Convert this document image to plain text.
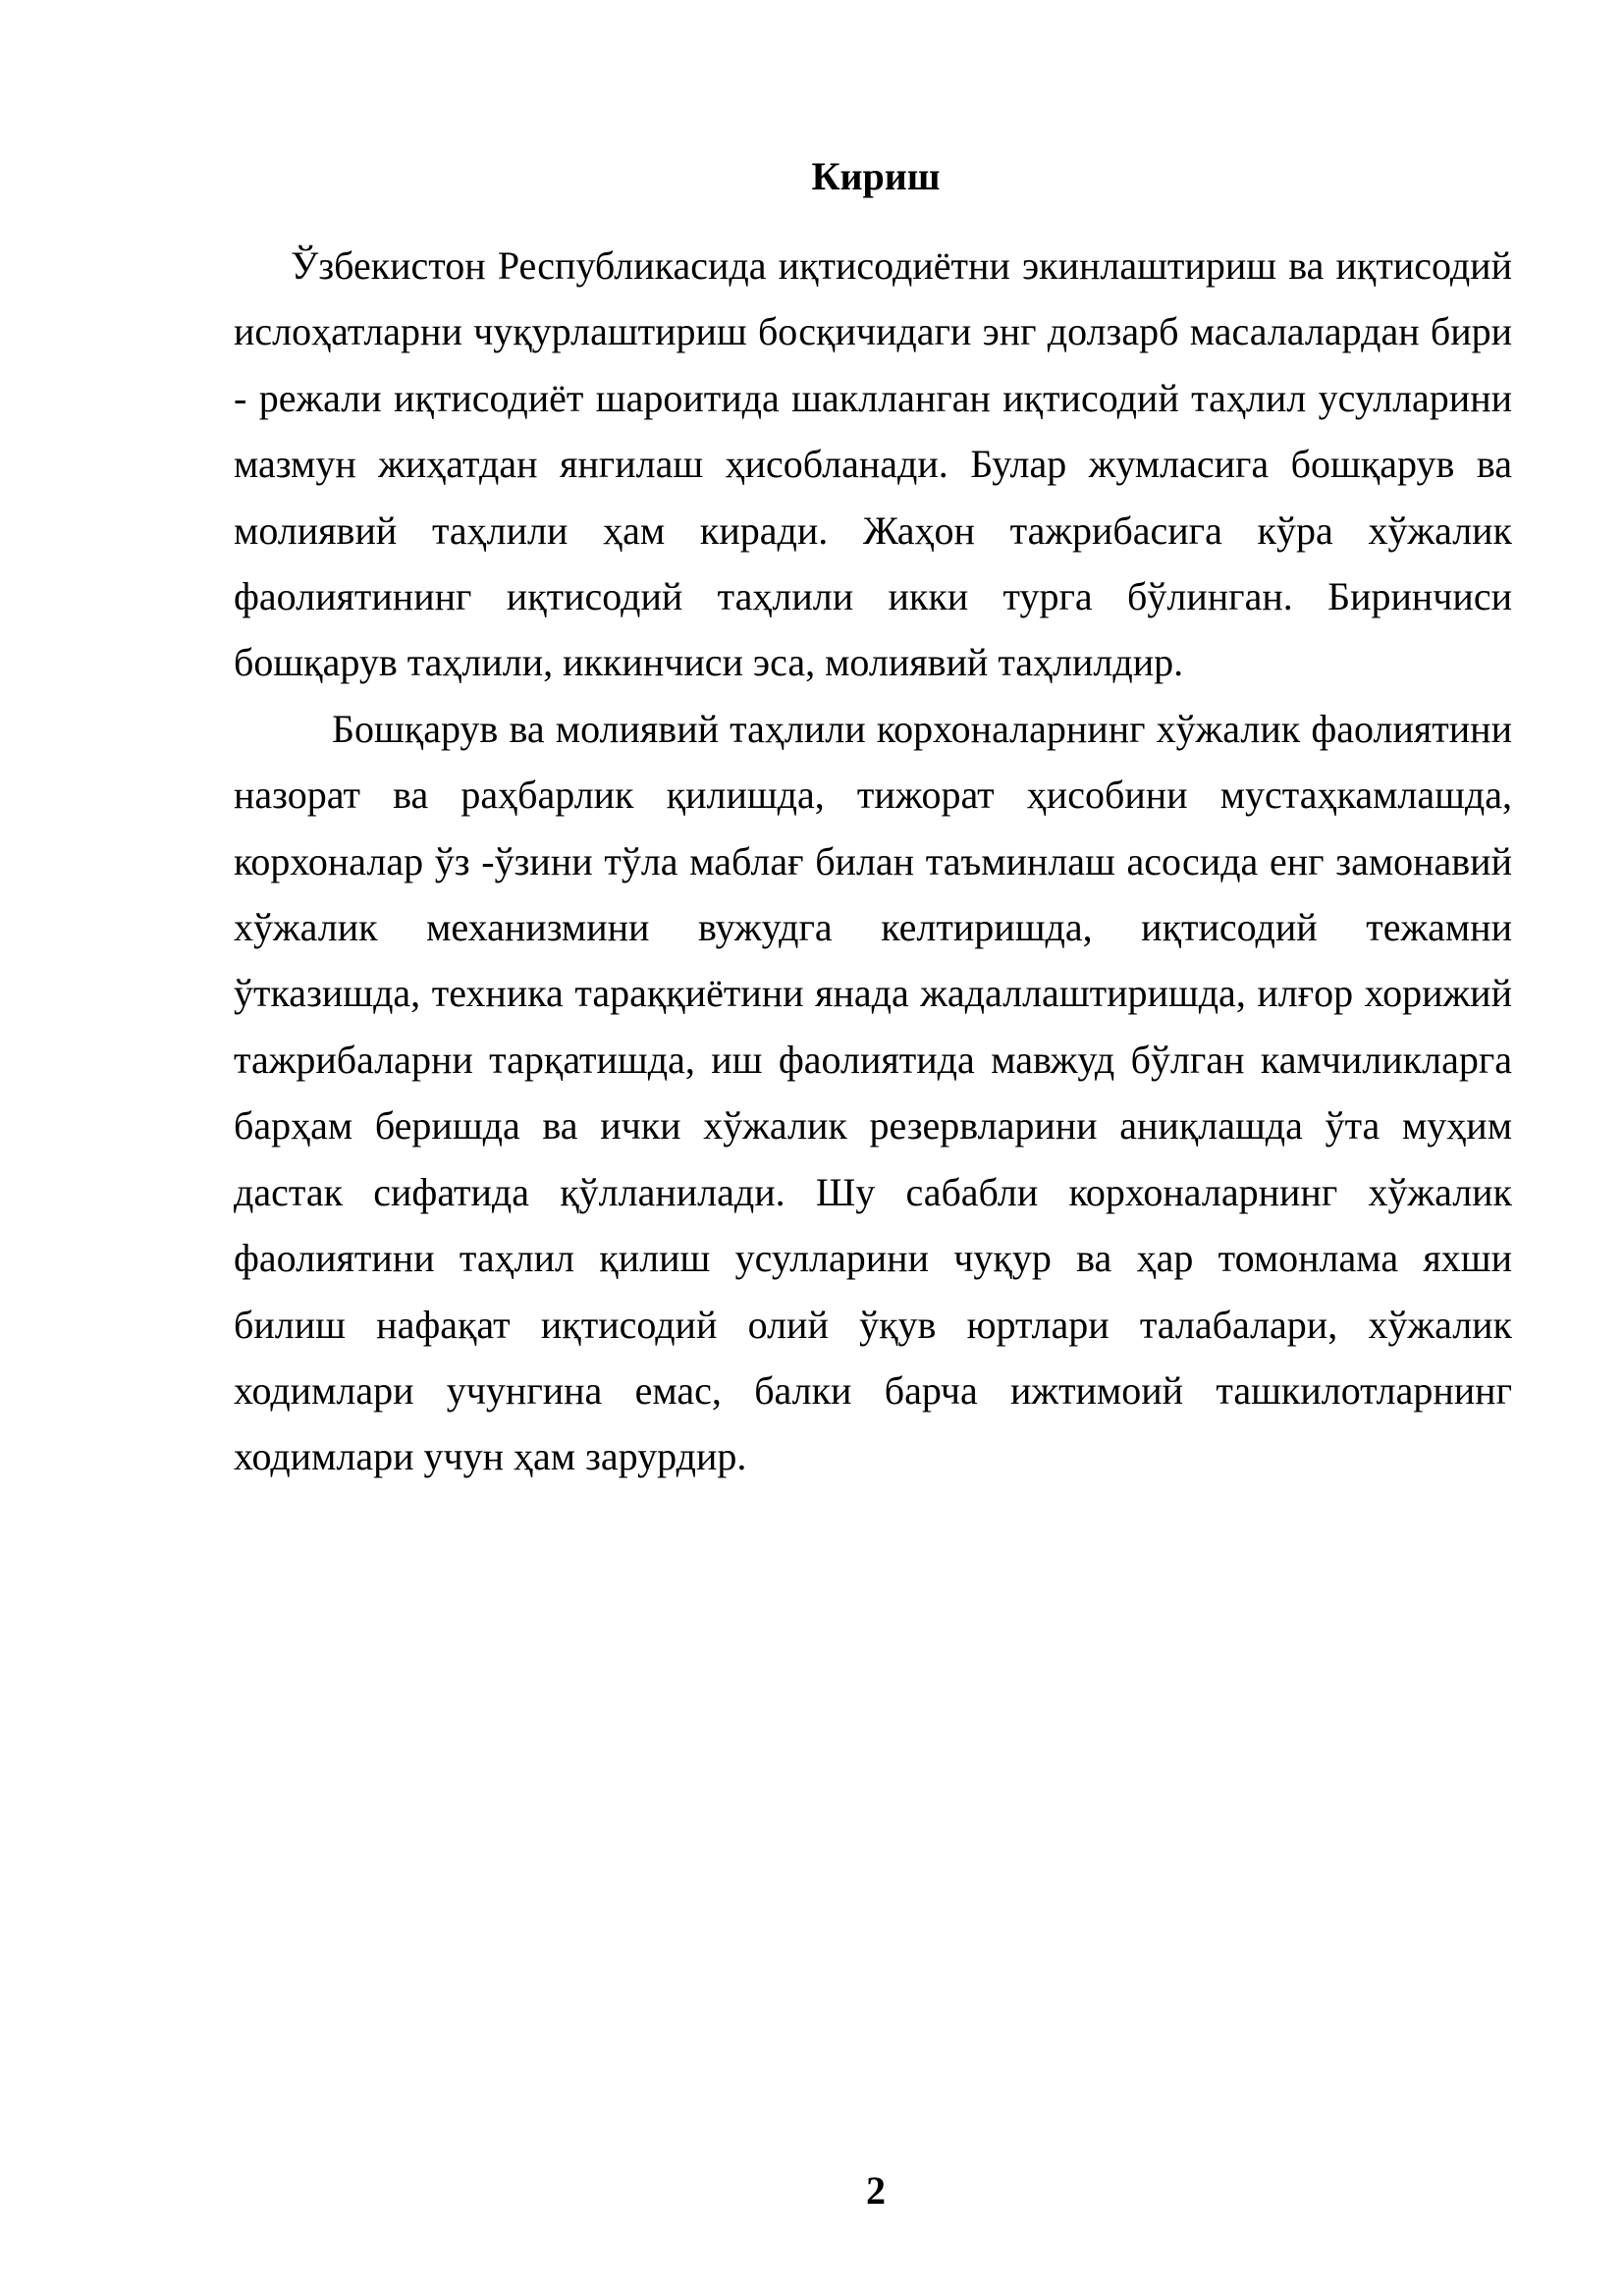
Кириш

Ўзбекистон Республикасида иқтисодиётни экинлаштириш ва иқтисодий ислоҳатларни чуқурлаштириш босқичидаги энг долзарб масалалардан бири - режали иқтисодиёт шароитида шаклланган иқтисодий таҳлил усулларини мазмун жиҳатдан янгилаш ҳисобланади. Булар жумласига бошқарув ва молиявий таҳлили ҳам киради. Жаҳон тажрибасига кўра хўжалик фаолиятининг иқтисодий таҳлили икки турга бўлинган. Биринчиси бошқарув таҳлили, иккинчиси эса, молиявий таҳлилдир.

Бошқарув ва молиявий таҳлили корхоналарнинг хўжалик фаолиятини назорат ва раҳбарлик қилишда, тижорат ҳисобини мустаҳкамлашда, корхоналар ўз -ўзини тўла маблағ билан таъминлаш асосида енг замонавий хўжалик механизмини вужудга келтиришда, иқтисодий тежамни ўтказишда, техника тараққиётини янада жадаллаштиришда, илғор хорижий тажрибаларни тарқатишда, иш фаолиятида мавжуд бўлган камчиликларга барҳам беришда ва ички хўжалик резервларини аниқлашда ўта муҳим дастак сифатида қўлланилади. Шу сабабли корхоналарнинг хўжалик фаолиятини таҳлил қилиш усулларини чуқур ва ҳар томонлама яхши билиш нафақат иқтисодий олий ўқув юртлари талабалари, хўжалик ходимлари учунгина емас, балки барча ижтимоий ташкилотларнинг ходимлари учун ҳам зарурдир.

2
